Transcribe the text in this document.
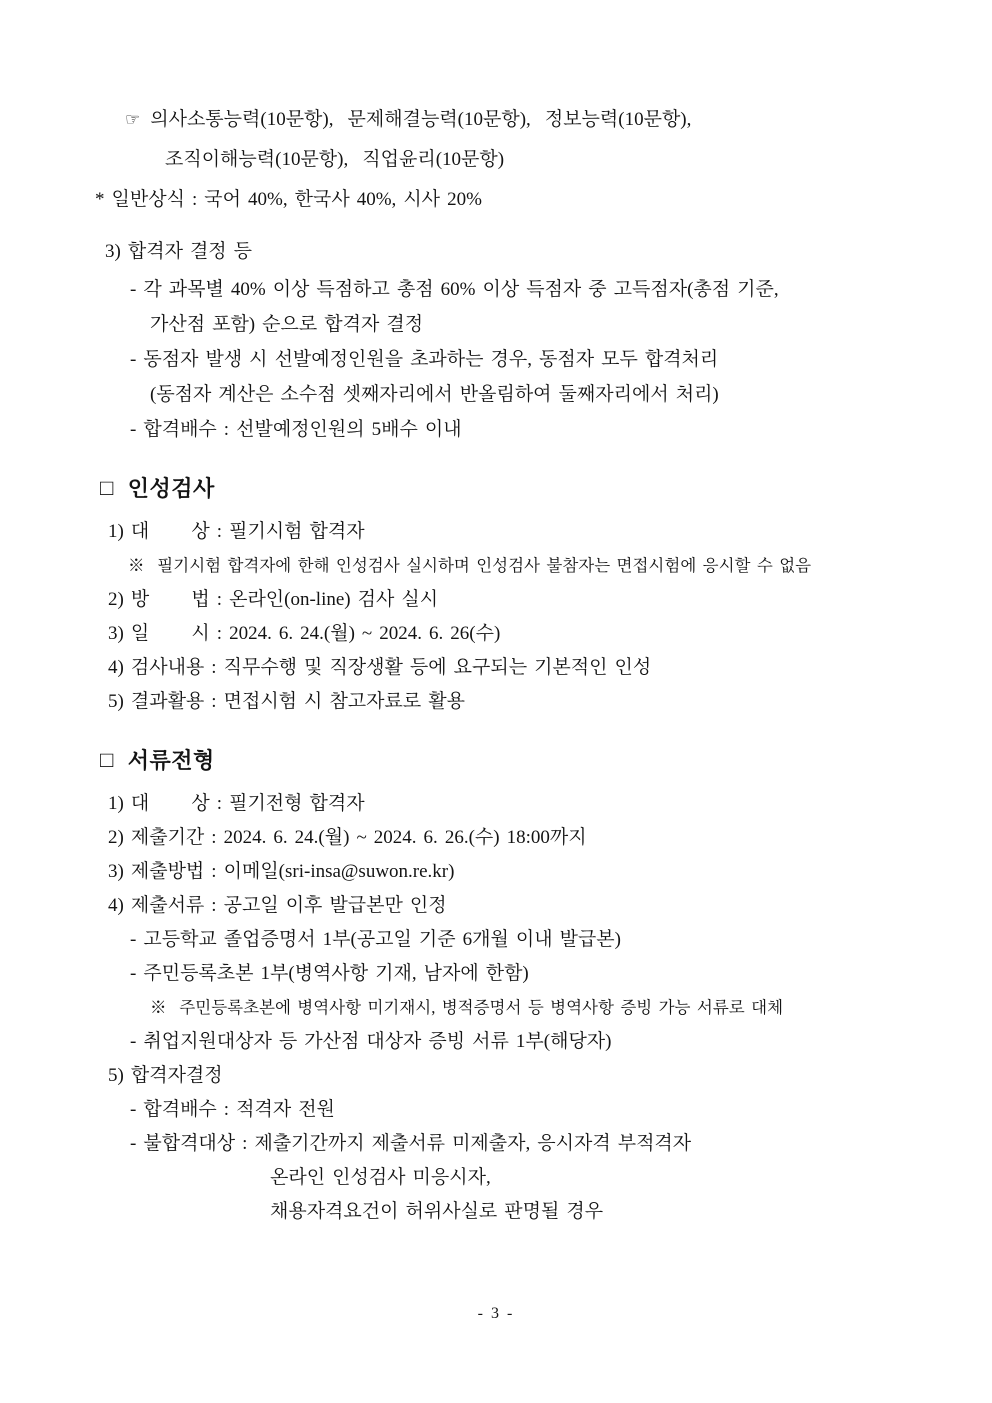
☞ 의사소통능력(10문항),  문제해결능력(10문항),  정보능력(10문항),

조직이해능력(10문항),  직업윤리(10문항)

* 일반상식 : 국어 40%, 한국사 40%, 시사 20%

3) 합격자 결정 등

- 각 과목별 40% 이상 득점하고 총점 60% 이상 득점자 중 고득점자(총점 기준,

가산점 포함) 순으로 합격자 결정

- 동점자 발생 시 선발예정인원을 초과하는 경우, 동점자 모두 합격처리

(동점자 계산은 소수점 셋째자리에서 반올림하여 둘째자리에서 처리)

- 합격배수 : 선발예정인원의 5배수 이내

□ 인성검사

1) 대      상 : 필기시험 합격자

※  필기시험 합격자에 한해 인성검사 실시하며 인성검사 불참자는 면접시험에 응시할 수 없음

2) 방      법 : 온라인(on-line) 검사 실시

3) 일      시 : 2024. 6. 24.(월) ~ 2024. 6. 26(수)

4) 검사내용 : 직무수행 및 직장생활 등에 요구되는 기본적인 인성

5) 결과활용 : 면접시험 시 참고자료로 활용

□ 서류전형

1) 대      상 : 필기전형 합격자

2) 제출기간 : 2024. 6. 24.(월) ~ 2024. 6. 26.(수) 18:00까지

3) 제출방법 : 이메일(sri-insa@suwon.re.kr)

4) 제출서류 : 공고일 이후 발급본만 인정

- 고등학교 졸업증명서 1부(공고일 기준 6개월 이내 발급본)

- 주민등록초본 1부(병역사항 기재, 남자에 한함)

※  주민등록초본에 병역사항 미기재시, 병적증명서 등 병역사항 증빙 가능 서류로 대체

- 취업지원대상자 등 가산점 대상자 증빙 서류 1부(해당자)

5) 합격자결정

- 합격배수 : 적격자 전원

- 불합격대상 : 제출기간까지 제출서류 미제출자, 응시자격 부적격자

온라인 인성검사 미응시자,

채용자격요건이 허위사실로 판명될 경우

- 3 -
